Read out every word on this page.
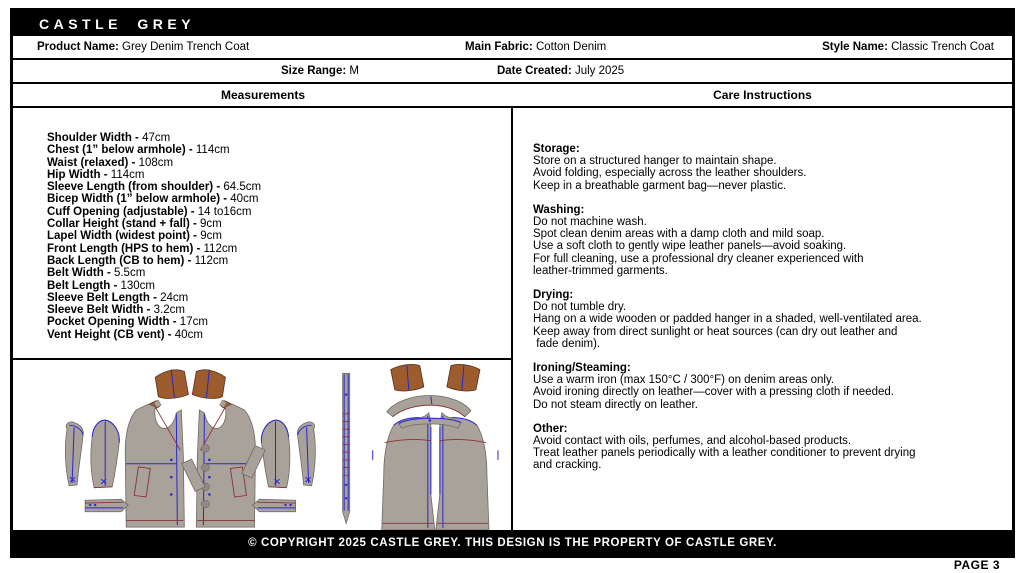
CASTLE GREY
Product Name: Grey Denim Trench Coat	Main Fabric: Cotton Denim	Style Name: Classic Trench Coat
Size Range: M	Date Created: July 2025
Measurements	Care Instructions
Shoulder Width - 47cm
Chest (1” below armhole) - 114cm
Waist (relaxed) - 108cm
Hip Width - 114cm
Sleeve Length (from shoulder) - 64.5cm
Bicep Width (1” below armhole) - 40cm
Cuff Opening (adjustable) - 14 to16cm
Collar Height (stand + fall) - 9cm
Lapel Width (widest point) - 9cm
Front Length (HPS to hem) - 112cm
Back Length (CB to hem) - 112cm
Belt Width - 5.5cm
Belt Length - 130cm
Sleeve Belt Length - 24cm
Sleeve Belt Width - 3.2cm
Pocket Opening Width - 17cm
Vent Height (CB vent) - 40cm
Storage:
Store on a structured hanger to maintain shape.
Avoid folding, especially across the leather shoulders.
Keep in a breathable garment bag—never plastic.
Washing:
Do not machine wash.
Spot clean denim areas with a damp cloth and mild soap.
Use a soft cloth to gently wipe leather panels—avoid soaking.
For full cleaning, use a professional dry cleaner experienced with
leather-trimmed garments.
Drying:
Do not tumble dry.
Hang on a wide wooden or padded hanger in a shaded, well-ventilated area.
Keep away from direct sunlight or heat sources (can dry out leather and
fade denim).
Ironing/Steaming:
Use a warm iron (max 150°C / 300°F) on denim areas only.
Avoid ironing directly on leather—cover with a pressing cloth if needed.
Do not steam directly on leather.
Other:
Avoid contact with oils, perfumes, and alcohol-based products.
Treat leather panels periodically with a leather conditioner to prevent drying
and cracking.
© COPYRIGHT 2025 CASTLE GREY. THIS DESIGN IS THE PROPERTY OF CASTLE GREY.
PAGE 3
